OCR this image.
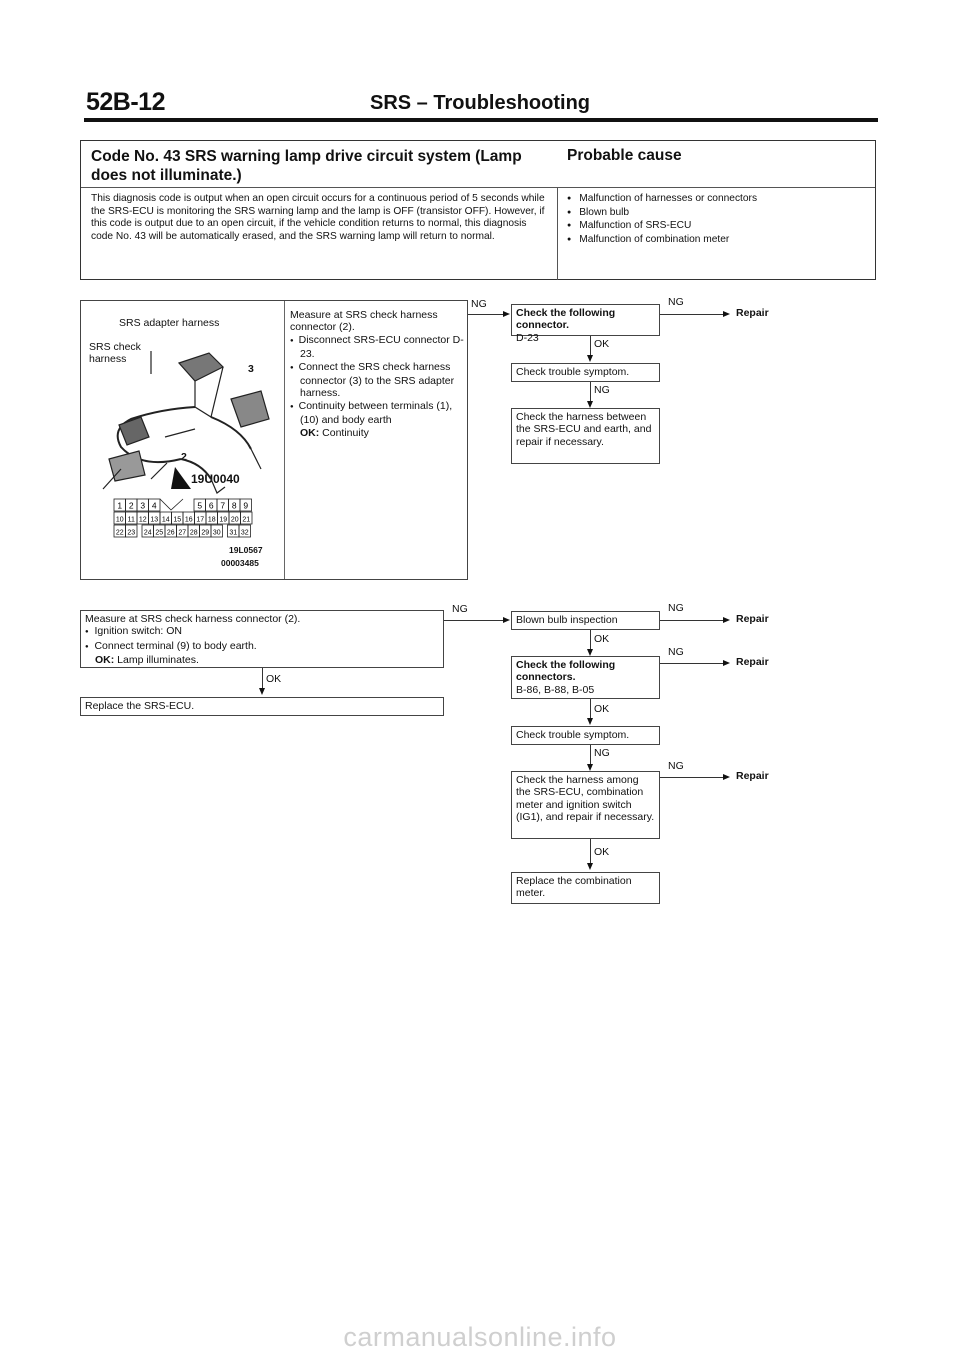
52B-12	SRS – Troubleshooting
Code No. 43 SRS warning lamp drive circuit system (Lamp does not illuminate.)
Probable cause
This diagnosis code is output when an open circuit occurs for a continuous period of 5 seconds while the SRS-ECU is monitoring the SRS warning lamp and the lamp is OFF (transistor OFF). However, if this code is output due to an open circuit, if the vehicle condition returns to normal, this diagnosis code No. 43 will be automatically erased, and the SRS warning lamp will return to normal.
● Malfunction of harnesses or connectors
● Blown bulb
● Malfunction of SRS-ECU
● Malfunction of combination meter
SRS adapter harness
SRS check harness
3
2
19U0040
1 2 3 4	5 6 7 8 9
10 11 12 13 14 15 16 17 18 19 20 21
22 23 24 25 26 27 28 29 30 31 32
19L0567
00003485
Measure at SRS check harness connector (2).
● Disconnect SRS-ECU connector D-23.
● Connect the SRS check harness connector (3) to the SRS adapter harness.
● Continuity between terminals (1), (10) and body earth
OK: Continuity
NG
Check the following connector.
D-23
NG
Repair
OK
Check trouble symptom.
NG
Check the harness between the SRS-ECU and earth, and repair if necessary.
Measure at SRS check harness connector (2).
● Ignition switch: ON
● Connect terminal (9) to body earth.
OK: Lamp illuminates.
NG
OK
Replace the SRS-ECU.
Blown bulb inspection
NG
Repair
OK
Check the following connectors.
B-86, B-88, B-05
NG
Repair
OK
Check trouble symptom.
NG
Check the harness among the SRS-ECU, combination meter and ignition switch (IG1), and repair if necessary.
NG
Repair
OK
Replace the combination meter.
carmanualsonline.info
